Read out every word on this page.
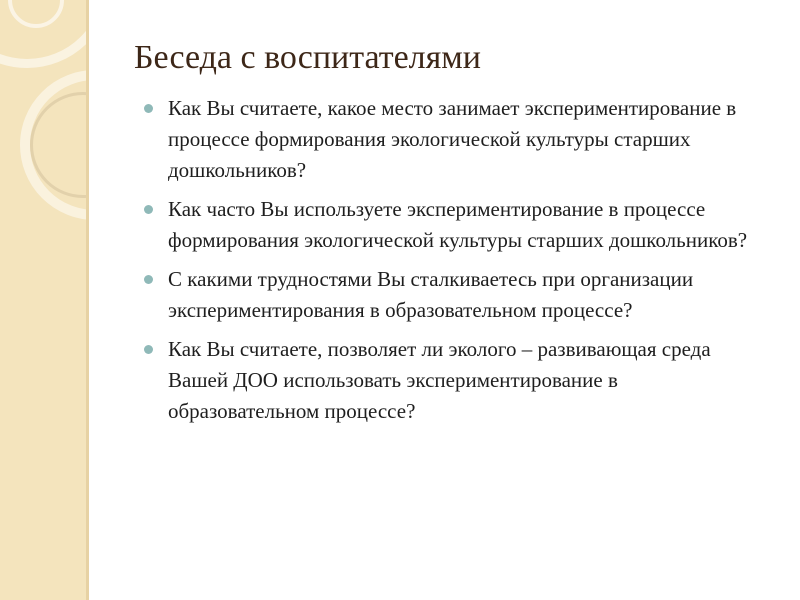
Беседа с воспитателями
Как Вы считаете, какое место занимает экспериментирование в процессе формирования экологической культуры старших дошкольников?
Как часто Вы используете экспериментирование в процессе формирования экологической культуры старших дошкольников?
С какими трудностями Вы сталкиваетесь при организации экспериментирования в образовательном процессе?
Как Вы считаете, позволяет ли эколого – развивающая среда Вашей ДОО использовать экспериментирование в образовательном процессе?
